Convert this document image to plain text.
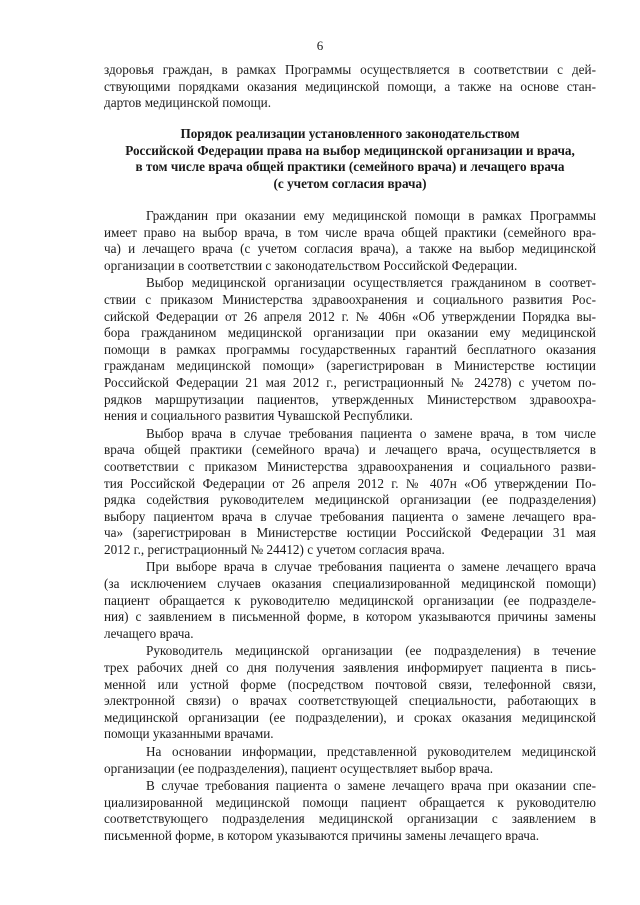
6
здоровья граждан, в рамках Программы осуществляется в соответствии с дей-
ствующими порядками оказания медицинской помощи, а также на основе стан-
дартов медицинской помощи.
Порядок реализации установленного законодательством
Российской Федерации права на выбор медицинской организации и врача,
в том числе врача общей практики (семейного врача) и лечащего врача
(с учетом согласия врача)
Гражданин при оказании ему медицинской помощи в рамках Программы
имеет право на выбор врача, в том числе врача общей практики (семейного вра-
ча) и лечащего врача (с учетом согласия врача), а также на выбор медицинской
организации в соответствии с законодательством Российской Федерации.
Выбор медицинской организации осуществляется гражданином в соответ-
ствии с приказом Министерства здравоохранения и социального развития Рос-
сийской Федерации от 26 апреля 2012 г. № 406н «Об утверждении Порядка вы-
бора гражданином медицинской организации при оказании ему медицинской
помощи в рамках программы государственных гарантий бесплатного оказания
гражданам медицинской помощи» (зарегистрирован в Министерстве юстиции
Российской Федерации 21 мая 2012 г., регистрационный № 24278) с учетом по-
рядков маршрутизации пациентов, утвержденных Министерством здравоохра-
нения и социального развития Чувашской Республики.
Выбор врача в случае требования пациента о замене врача, в том числе
врача общей практики (семейного врача) и лечащего врача, осуществляется в
соответствии с приказом Министерства здравоохранения и социального разви-
тия Российской Федерации от 26 апреля 2012 г. № 407н «Об утверждении По-
рядка содействия руководителем медицинской организации (ее подразделения)
выбору пациентом врача в случае требования пациента о замене лечащего вра-
ча» (зарегистрирован в Министерстве юстиции Российской Федерации 31 мая
2012 г., регистрационный № 24412) с учетом согласия врача.
При выборе врача в случае требования пациента о замене лечащего врача
(за исключением случаев оказания специализированной медицинской помощи)
пациент обращается к руководителю медицинской организации (ее подразделе-
ния) с заявлением в письменной форме, в котором указываются причины замены
лечащего врача.
Руководитель медицинской организации (ее подразделения) в течение
трех рабочих дней со дня получения заявления информирует пациента в пись-
менной или устной форме (посредством почтовой связи, телефонной связи,
электронной связи) о врачах соответствующей специальности, работающих в
медицинской организации (ее подразделении), и сроках оказания медицинской
помощи указанными врачами.
На основании информации, представленной руководителем медицинской
организации (ее подразделения), пациент осуществляет выбор врача.
В случае требования пациента о замене лечащего врача при оказании спе-
циализированной медицинской помощи пациент обращается к руководителю
соответствующего подразделения медицинской организации с заявлением в
письменной форме, в котором указываются причины замены лечащего врача.
